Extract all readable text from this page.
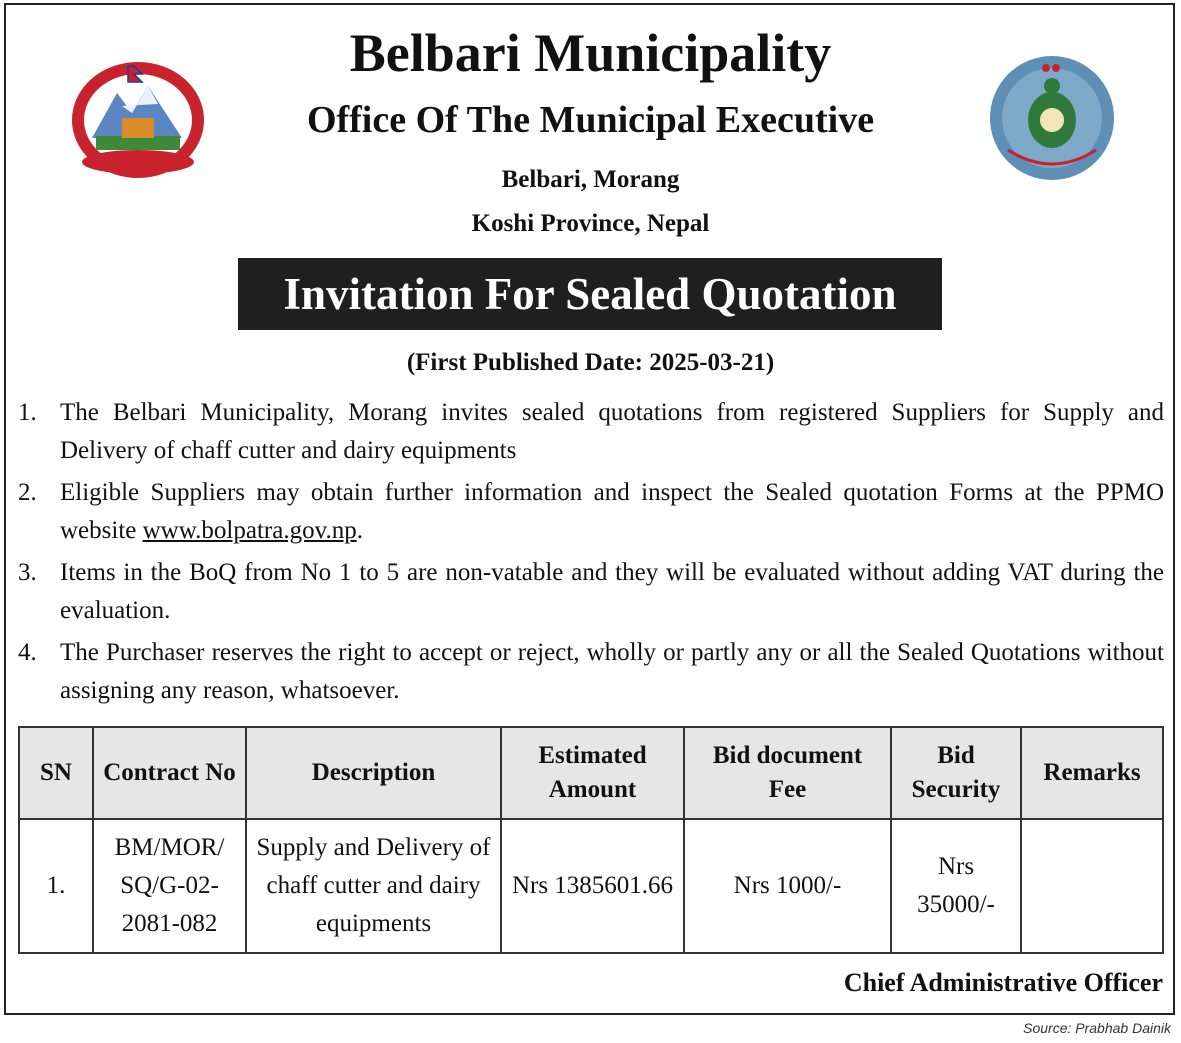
Belbari Municipality
Office Of The Municipal Executive
Belbari, Morang
Koshi Province, Nepal
Invitation For Sealed Quotation
(First Published Date: 2025-03-21)
1. The Belbari Municipality, Morang invites sealed quotations from registered Suppliers for Supply and Delivery of chaff cutter and dairy equipments
2. Eligible Suppliers may obtain further information and inspect the Sealed quotation Forms at the PPMO website www.bolpatra.gov.np.
3. Items in the BoQ from No 1 to 5 are non-vatable and they will be evaluated without adding VAT during the evaluation.
4. The Purchaser reserves the right to accept or reject, wholly or partly any or all the Sealed Quotations without assigning any reason, whatsoever.
SN	Contract No	Description	Estimated Amount	Bid document Fee	Bid Security	Remarks
1.	BM/MOR/ SQ/G-02- 2081-082	Supply and Delivery of chaff cutter and dairy equipments	Nrs 1385601.66	Nrs 1000/-	Nrs 35000/-	
Chief Administrative Officer
Source: Prabhab Dainik
